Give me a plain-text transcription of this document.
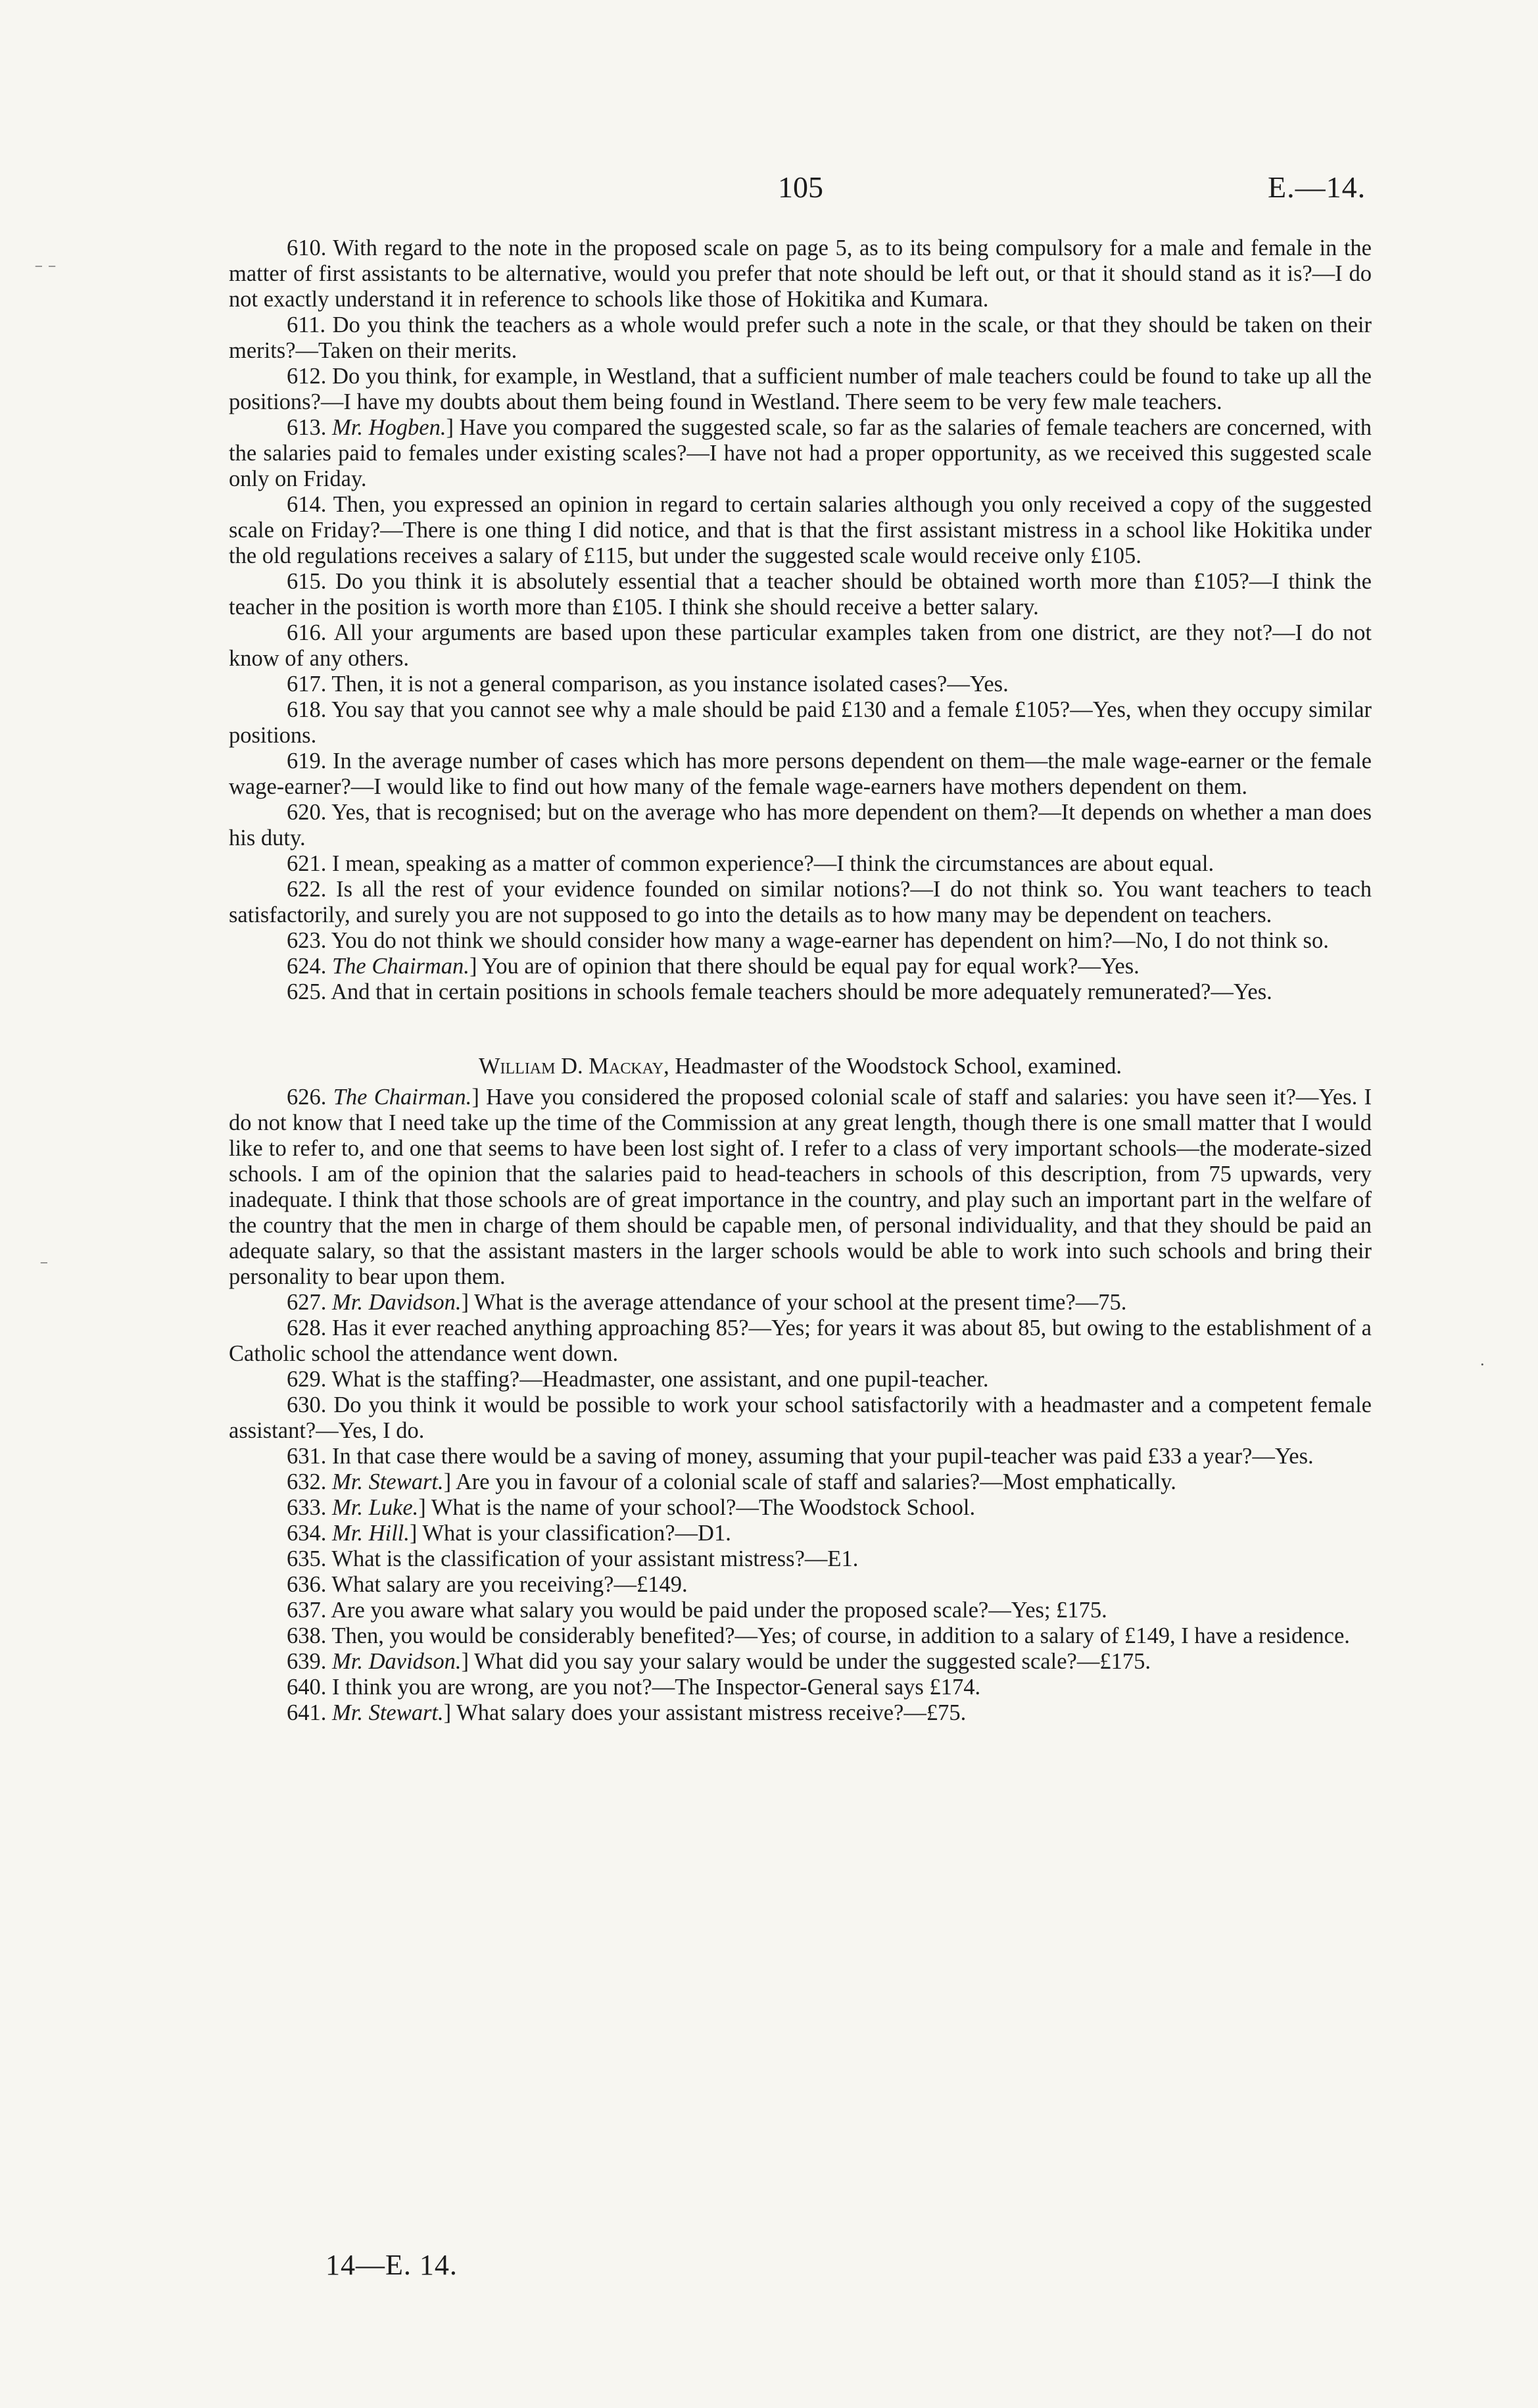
105	E.—14.
⁻ ⁻
⁻
·

610. With regard to the note in the proposed scale on page 5, as to its being compulsory for a male and female in the matter of first assistants to be alternative, would you prefer that note should be left out, or that it should stand as it is?—I do not exactly understand it in reference to schools like those of Hokitika and Kumara.

611. Do you think the teachers as a whole would prefer such a note in the scale, or that they should be taken on their merits?—Taken on their merits.

612. Do you think, for example, in Westland, that a sufficient number of male teachers could be found to take up all the positions?—I have my doubts about them being found in Westland. There seem to be very few male teachers.

613. Mr. Hogben.] Have you compared the suggested scale, so far as the salaries of female teachers are concerned, with the salaries paid to females under existing scales?—I have not had a proper opportunity, as we received this suggested scale only on Friday.

614. Then, you expressed an opinion in regard to certain salaries although you only received a copy of the suggested scale on Friday?—There is one thing I did notice, and that is that the first assistant mistress in a school like Hokitika under the old regulations receives a salary of £115, but under the suggested scale would receive only £105.

615. Do you think it is absolutely essential that a teacher should be obtained worth more than £105?—I think the teacher in the position is worth more than £105. I think she should receive a better salary.

616. All your arguments are based upon these particular examples taken from one district, are they not?—I do not know of any others.

617. Then, it is not a general comparison, as you instance isolated cases?—Yes.

618. You say that you cannot see why a male should be paid £130 and a female £105?—Yes, when they occupy similar positions.

619. In the average number of cases which has more persons dependent on them—the male wage-earner or the female wage-earner?—I would like to find out how many of the female wage-earners have mothers dependent on them.

620. Yes, that is recognised; but on the average who has more dependent on them?—It depends on whether a man does his duty.

621. I mean, speaking as a matter of common experience?—I think the circumstances are about equal.

622. Is all the rest of your evidence founded on similar notions?—I do not think so. You want teachers to teach satisfactorily, and surely you are not supposed to go into the details as to how many may be dependent on teachers.

623. You do not think we should consider how many a wage-earner has dependent on him?—No, I do not think so.

624. The Chairman.] You are of opinion that there should be equal pay for equal work?—Yes.

625. And that in certain positions in schools female teachers should be more adequately remunerated?—Yes.

William D. Mackay, Headmaster of the Woodstock School, examined.

626. The Chairman.] Have you considered the proposed colonial scale of staff and salaries: you have seen it?—Yes. I do not know that I need take up the time of the Commission at any great length, though there is one small matter that I would like to refer to, and one that seems to have been lost sight of. I refer to a class of very important schools—the moderate-sized schools. I am of the opinion that the salaries paid to head-teachers in schools of this description, from 75 upwards, very inadequate. I think that those schools are of great importance in the country, and play such an important part in the welfare of the country that the men in charge of them should be capable men, of personal individuality, and that they should be paid an adequate salary, so that the assistant masters in the larger schools would be able to work into such schools and bring their personality to bear upon them.

627. Mr. Davidson.] What is the average attendance of your school at the present time?—75.

628. Has it ever reached anything approaching 85?—Yes; for years it was about 85, but owing to the establishment of a Catholic school the attendance went down.

629. What is the staffing?—Headmaster, one assistant, and one pupil-teacher.

630. Do you think it would be possible to work your school satisfactorily with a headmaster and a competent female assistant?—Yes, I do.

631. In that case there would be a saving of money, assuming that your pupil-teacher was paid £33 a year?—Yes.

632. Mr. Stewart.] Are you in favour of a colonial scale of staff and salaries?—Most emphatically.

633. Mr. Luke.] What is the name of your school?—The Woodstock School.

634. Mr. Hill.] What is your classification?—D1.

635. What is the classification of your assistant mistress?—E1.

636. What salary are you receiving?—£149.

637. Are you aware what salary you would be paid under the proposed scale?—Yes; £175.

638. Then, you would be considerably benefited?—Yes; of course, in addition to a salary of £149, I have a residence.

639. Mr. Davidson.] What did you say your salary would be under the suggested scale?—£175.

640. I think you are wrong, are you not?—The Inspector-General says £174.

641. Mr. Stewart.] What salary does your assistant mistress receive?—£75.

14—E. 14.
